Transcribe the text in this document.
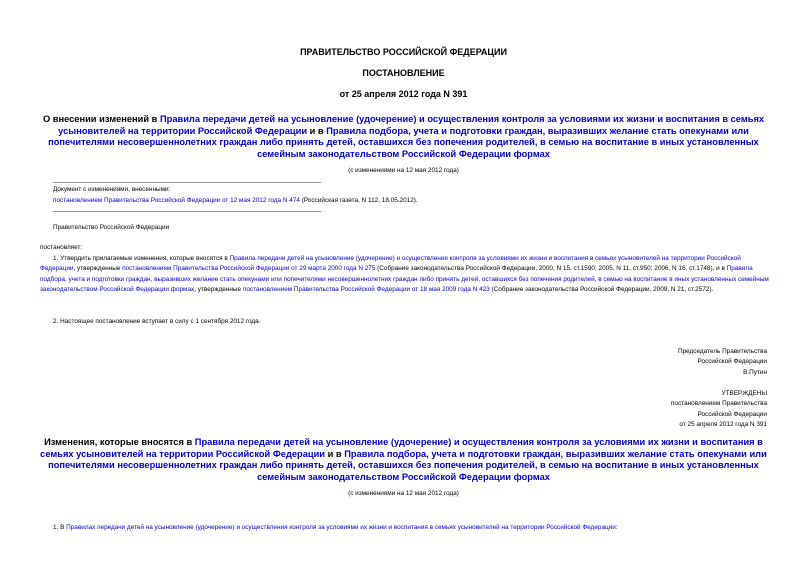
ПРАВИТЕЛЬСТВО РОССИЙСКОЙ ФЕДЕРАЦИИ
ПОСТАНОВЛЕНИЕ
от 25 апреля 2012 года N 391
О внесении изменений в Правила передачи детей на усыновление (удочерение) и осуществления контроля за условиями их жизни и воспитания в семьях усыновителей на территории Российской Федерации и в Правила подбора, учета и подготовки граждан, выразивших желание стать опекунами или попечителями несовершеннолетних граждан либо принять детей, оставшихся без попечения родителей, в семью на воспитание в иных установленных семейным законодательством Российской Федерации формах
(с изменениями на 12 мая 2012 года)
Документ с изменениями, внесенными:
постановлением Правительства Российской Федерации от 12 мая 2012 года N 474 (Российская газета, N 112, 18.05.2012).
Правительство Российской Федерации
постановляет:
1. Утвердить прилагаемые изменения, которые вносятся в Правила передачи детей на усыновление (удочерение) и осуществления контроля за условиями их жизни и воспитания в семьях усыновителей на территории Российской Федерации, утвержденные постановлением Правительства Российской Федерации от 29 марта 2000 года N 275 (Собрание законодательства Российской Федерации, 2000, N 15, ст.1590; 2005, N 11, ст.950; 2006, N 16, ст.1748), и в Правила подбора, учета и подготовки граждан, выразивших желание стать опекунами или попечителями несовершеннолетних граждан либо принять детей, оставшихся без попечения родителей, в семью на воспитание в иных установленных семейным законодательством Российской Федерации формах, утвержденные постановлением Правительства Российской Федерации от 18 мая 2009 года N 423 (Собрание законодательства Российской Федерации, 2009, N 21, ст.2572).
2. Настоящее постановление вступает в силу с 1 сентября 2012 года.
Председатель Правительства
Российской Федерации
В.Путин
УТВЕРЖДЕНЫ
постановлением Правительства
Российской Федерации
от 25 апреля 2012 года N 391
Изменения, которые вносятся в Правила передачи детей на усыновление (удочерение) и осуществления контроля за условиями их жизни и воспитания в семьях усыновителей на территории Российской Федерации и в Правила подбора, учета и подготовки граждан, выразивших желание стать опекунами или попечителями несовершеннолетних граждан либо принять детей, оставшихся без попечения родителей, в семью на воспитание в иных установленных семейным законодательством Российской Федерации формах
(с изменениями на 12 мая 2012 года)
1. В Правилах передачи детей на усыновление (удочерение) и осуществления контроля за условиями их жизни и воспитания в семьях усыновителей на территории Российской Федерации:
